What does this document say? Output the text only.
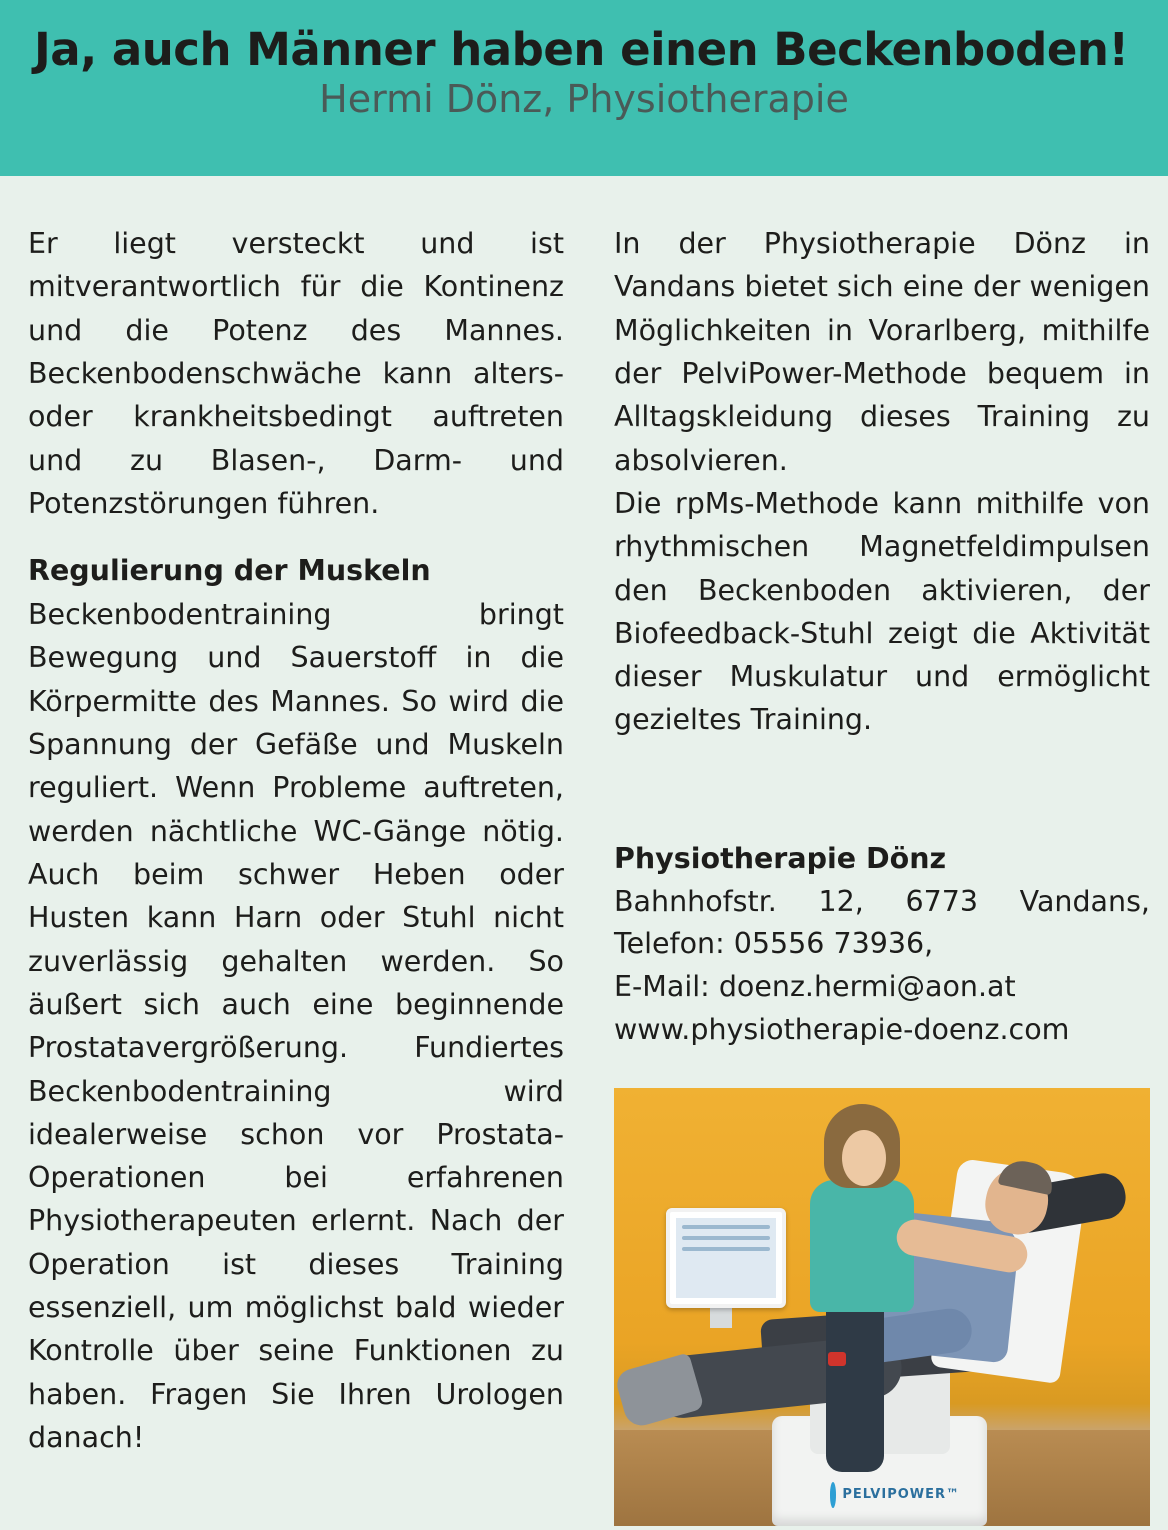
Ja, auch Männer haben einen Beckenboden!
Hermi Dönz, Physiotherapie

Er liegt versteckt und ist mitverantwortlich für die Kontinenz und die Potenz des Mannes. Beckenbodenschwäche kann alters- oder krankheitsbedingt auftreten und zu Blasen-, Darm- und Potenzstörungen führen.

Regulierung der Muskeln

Beckenbodentraining bringt Bewegung und Sauerstoff in die Körpermitte des Mannes. So wird die Spannung der Gefäße und Muskeln reguliert. Wenn Probleme auftreten, werden nächtliche WC-Gänge nötig. Auch beim schwer Heben oder Husten kann Harn oder Stuhl nicht zuverlässig gehalten werden. So äußert sich auch eine beginnende Prostatavergrößerung. Fundiertes Beckenbodentraining wird idealerweise schon vor Prostata-Operationen bei erfahrenen Physiotherapeuten erlernt. Nach der Operation ist dieses Training essenziell, um möglichst bald wieder Kontrolle über seine Funktionen zu haben. Fragen Sie Ihren Urologen danach!

In der Physiotherapie Dönz in Vandans bietet sich eine der wenigen Möglichkeiten in Vorarlberg, mithilfe der PelviPower-Methode bequem in Alltagskleidung dieses Training zu absolvieren.

Die rpMs-Methode kann mithilfe von rhythmischen Magnetfeldimpulsen den Beckenboden aktivieren, der Biofeedback-Stuhl zeigt die Aktivität dieser Muskulatur und ermöglicht gezieltes Training.

Physiotherapie Dönz
Bahnhofstr. 12, 6773 Vandans, Telefon: 05556 73936,
E-Mail: doenz.hermi@aon.at
www.physiotherapie-doenz.com
PELVIPOWER™
